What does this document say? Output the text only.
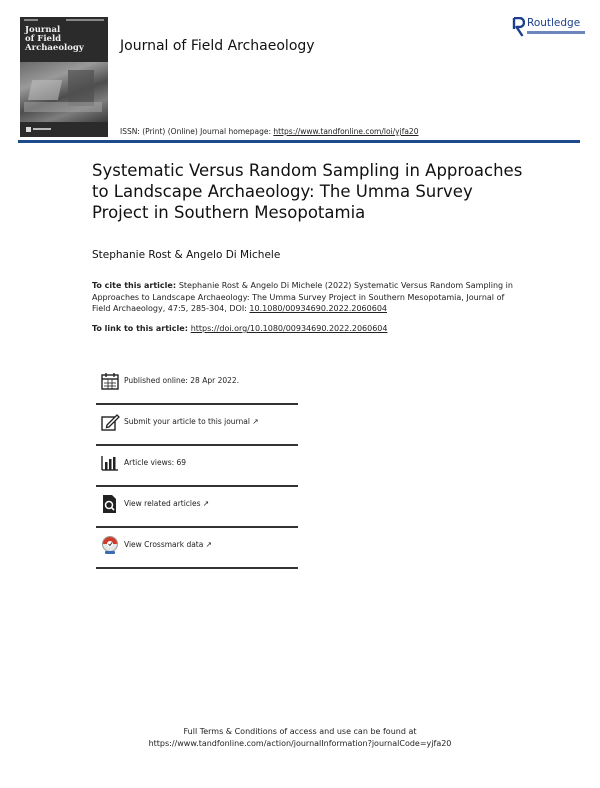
Journal
of Field
Archaeology	Journal of Field Archaeology
ISSN: (Print) (Online) Journal homepage: https://www.tandfonline.com/loi/yjfa20
Routledge
Systematic Versus Random Sampling in Approaches to Landscape Archaeology: The Umma Survey Project in Southern Mesopotamia
Stephanie Rost & Angelo Di Michele
To cite this article: Stephanie Rost & Angelo Di Michele (2022) Systematic Versus Random Sampling in Approaches to Landscape Archaeology: The Umma Survey Project in Southern Mesopotamia, Journal of Field Archaeology, 47:5, 285-304, DOI: 10.1080/00934690.2022.2060604
To link to this article: https://doi.org/10.1080/00934690.2022.2060604
Published online: 28 Apr 2022.
Submit your article to this journal ↗
Article views: 69
View related articles ↗
View Crossmark data ↗
Full Terms & Conditions of access and use can be found at
https://www.tandfonline.com/action/journalInformation?journalCode=yjfa20
